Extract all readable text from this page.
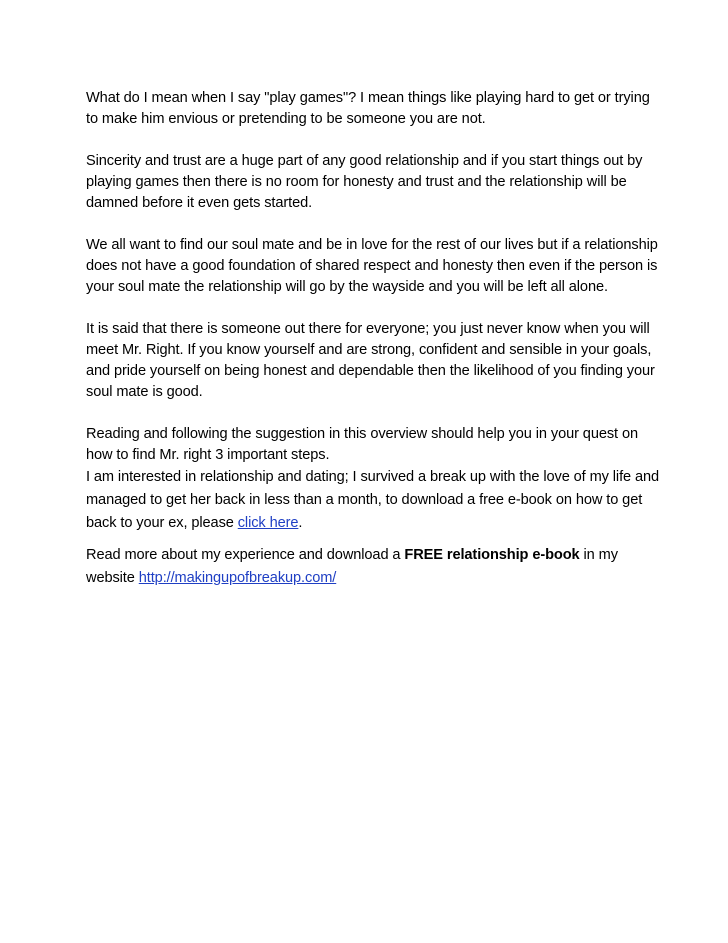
What do I mean when I say "play games"? I mean things like playing hard to get or trying to make him envious or pretending to be someone you are not.

Sincerity and trust are a huge part of any good relationship and if you start things out by playing games then there is no room for honesty and trust and the relationship will be damned before it even gets started.

We all want to find our soul mate and be in love for the rest of our lives but if a relationship does not have a good foundation of shared respect and honesty then even if the person is your soul mate the relationship will go by the wayside and you will be left all alone.

It is said that there is someone out there for everyone; you just never know when you will meet Mr. Right. If you know yourself and are strong, confident and sensible in your goals, and pride yourself on being honest and dependable then the likelihood of you finding your soul mate is good.

Reading and following the suggestion in this overview should help you in your quest on how to find Mr. right 3 important steps.

I am interested in relationship and dating; I survived a break up with the love of my life and managed to get her back in less than a month, to download a free e-book on how to get back to your ex, please click here.

Read more about my experience and download a FREE relationship e-book in my website http://makingupofbreakup.com/
